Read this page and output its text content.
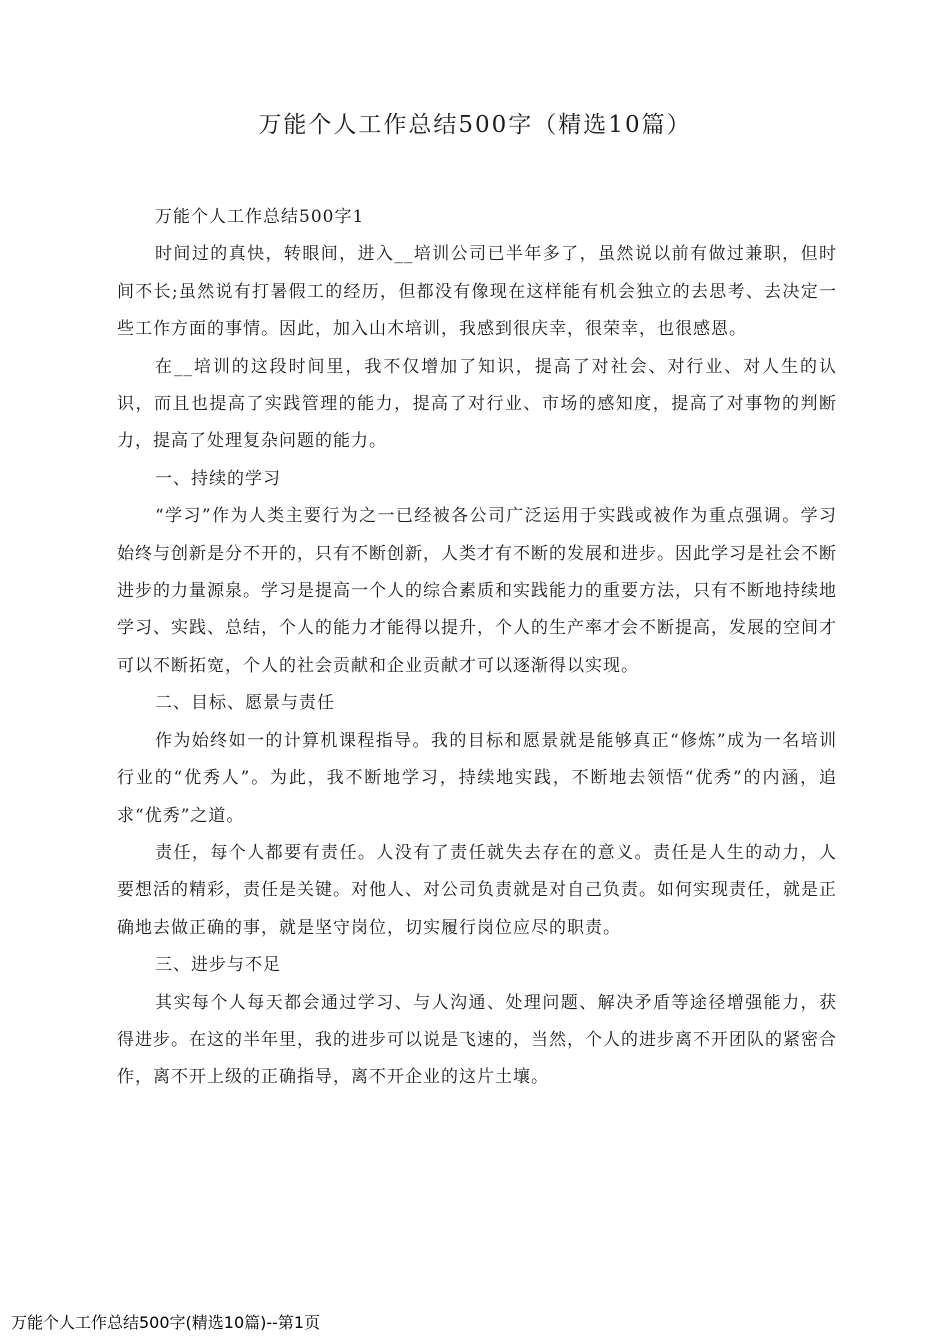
万能个人工作总结500字（精选10篇）

万能个人工作总结500字1

时间过的真快，转眼间，进入__培训公司已半年多了，虽然说以前有做过兼职，但时间不长;虽然说有打暑假工的经历，但都没有像现在这样能有机会独立的去思考、去决定一些工作方面的事情。因此，加入山木培训，我感到很庆幸，很荣幸，也很感恩。

在__培训的这段时间里，我不仅增加了知识，提高了对社会、对行业、对人生的认识，而且也提高了实践管理的能力，提高了对行业、市场的感知度，提高了对事物的判断力，提高了处理复杂问题的能力。

一、持续的学习

“学习”作为人类主要行为之一已经被各公司广泛运用于实践或被作为重点强调。学习始终与创新是分不开的，只有不断创新，人类才有不断的发展和进步。因此学习是社会不断进步的力量源泉。学习是提高一个人的综合素质和实践能力的重要方法，只有不断地持续地学习、实践、总结，个人的能力才能得以提升，个人的生产率才会不断提高，发展的空间才可以不断拓宽，个人的社会贡献和企业贡献才可以逐渐得以实现。

二、目标、愿景与责任

作为始终如一的计算机课程指导。我的目标和愿景就是能够真正“修炼”成为一名培训行业的“优秀人”。为此，我不断地学习，持续地实践，不断地去领悟“优秀”的内涵，追求“优秀”之道。

责任，每个人都要有责任。人没有了责任就失去存在的意义。责任是人生的动力，人要想活的精彩，责任是关键。对他人、对公司负责就是对自己负责。如何实现责任，就是正确地去做正确的事，就是坚守岗位，切实履行岗位应尽的职责。

三、进步与不足

其实每个人每天都会通过学习、与人沟通、处理问题、解决矛盾等途径增强能力，获得进步。在这的半年里，我的进步可以说是飞速的，当然，个人的进步离不开团队的紧密合作，离不开上级的正确指导，离不开企业的这片土壤。

万能个人工作总结500字(精选10篇)--第1页
